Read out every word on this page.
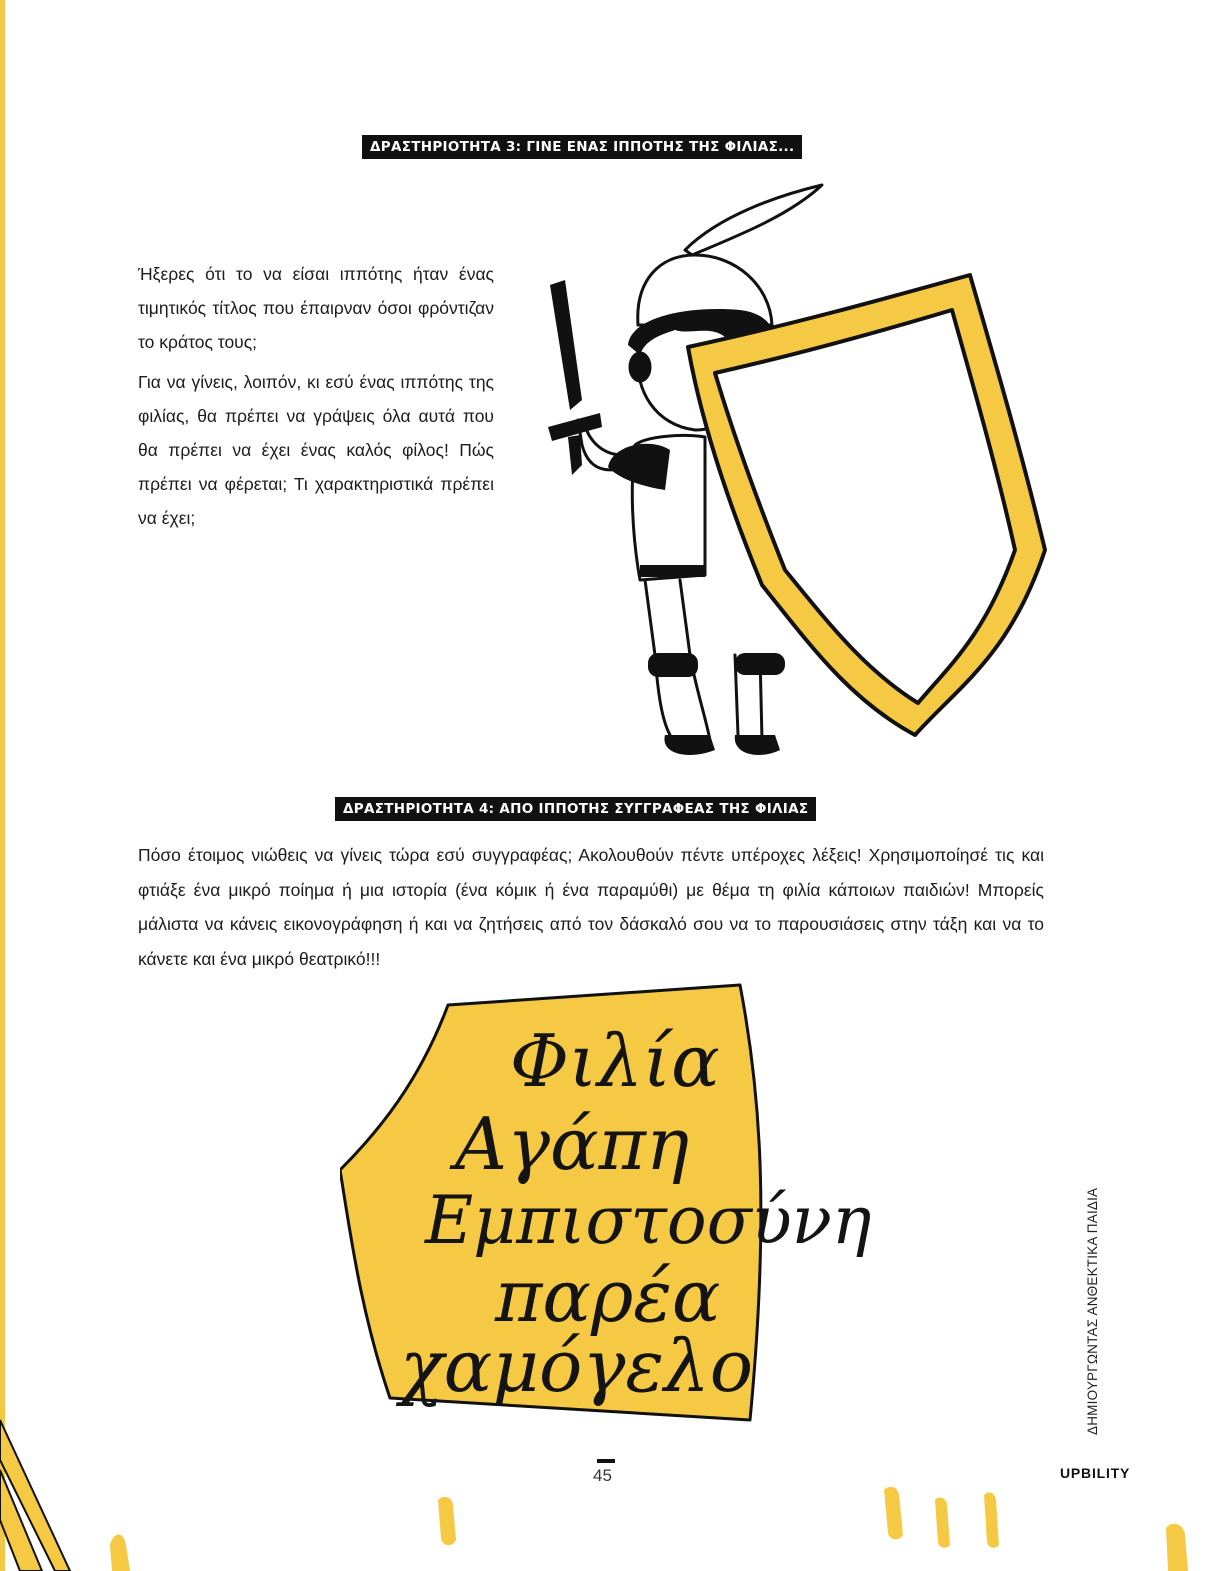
ΔΡΑΣΤΗΡΙΟΤΗΤΑ 3: ΓΙΝΕ ΕΝΑΣ ΙΠΠΟΤΗΣ ΤΗΣ ΦΙΛΙΑΣ...

Ήξερες ότι το να είσαι ιππότης ήταν ένας τιμητικός τίτλος που έπαιρναν όσοι φρόντιζαν το κράτος τους;

Για να γίνεις, λοιπόν, κι εσύ ένας ιππότης της φιλίας, θα πρέπει να γράψεις όλα αυτά που θα πρέπει να έχει ένας καλός φίλος! Πώς πρέπει να φέρεται; Τι χαρακτηριστικά πρέπει να έχει;

ΔΡΑΣΤΗΡΙΟΤΗΤΑ 4: ΑΠΟ ΙΠΠΟΤΗΣ ΣΥΓΓΡΑΦΕΑΣ ΤΗΣ ΦΙΛΙΑΣ

Πόσο έτοιμος νιώθεις να γίνεις τώρα εσύ συγγραφέας; Ακολουθούν πέντε υπέροχες λέξεις! Χρησιμοποίησέ τις και φτιάξε ένα μικρό ποίημα ή μια ιστορία (ένα κόμικ ή ένα παραμύθι) με θέμα τη φιλία κάποιων παιδιών! Μπορείς μάλιστα να κάνεις εικονογράφηση ή και να ζητήσεις από τον δάσκαλό σου να το παρουσιάσεις στην τάξη και να το κάνετε και ένα μικρό θεατρικό!!!

Φιλία
Αγάπη
Εμπιστοσύνη
παρέα
χαμόγελο	ΔΗΜΙΟΥΡΓΩΝΤΑΣ ΑΝΘΕΚΤΙΚΑ ΠΑΙΔΙΑ
45	UPBILITY
